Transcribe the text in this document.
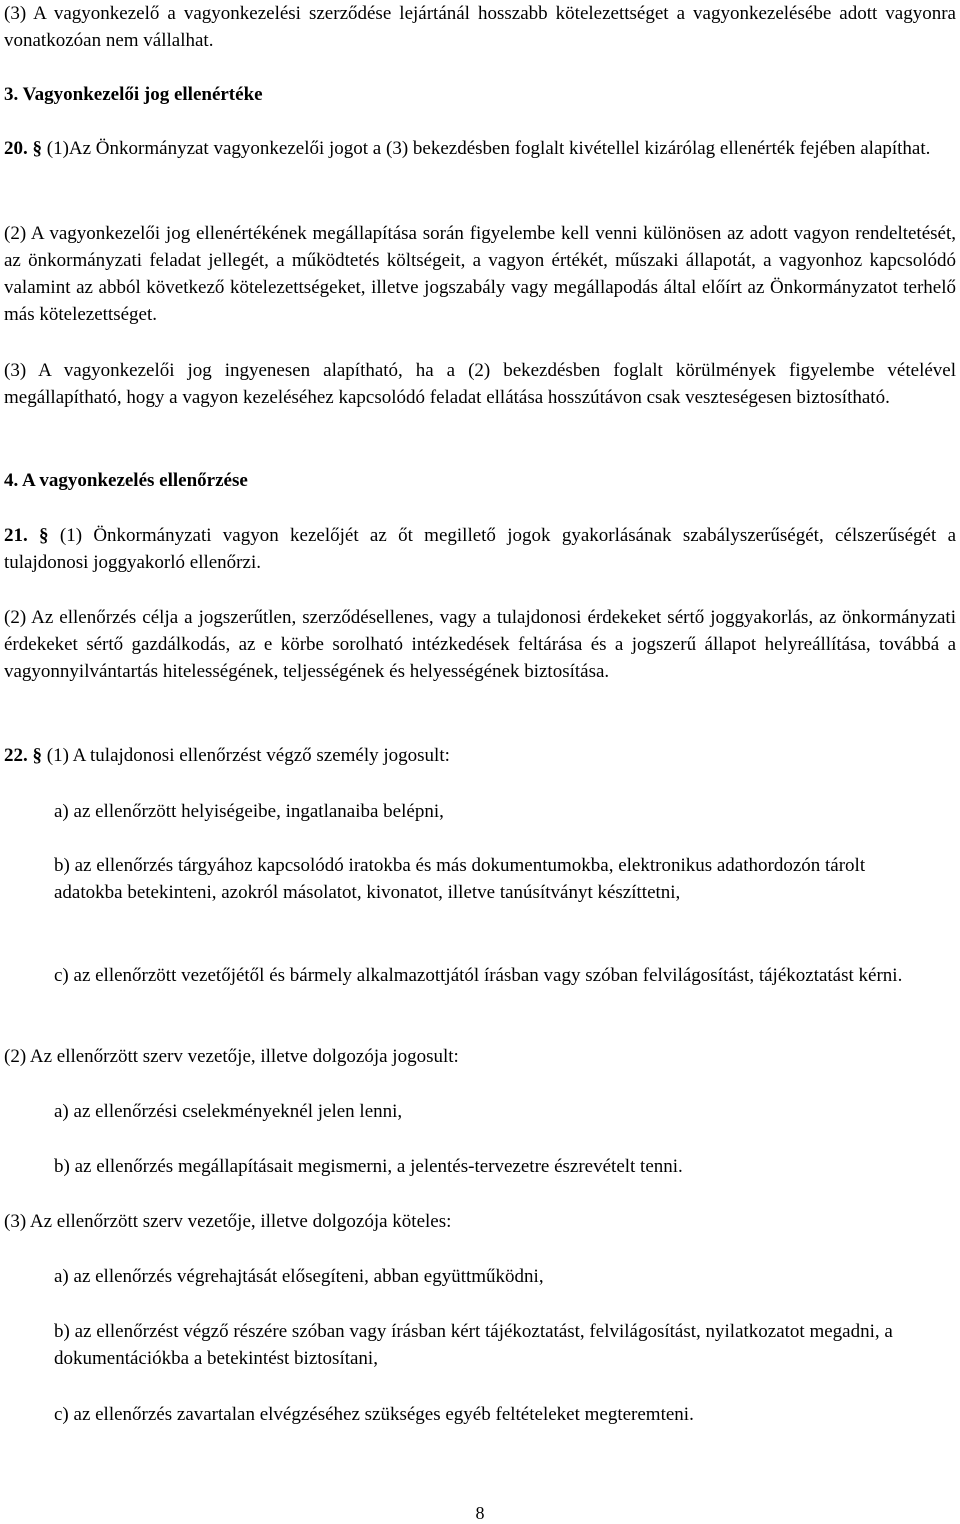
(3) A vagyonkezelő a vagyonkezelési szerződése lejártánál hosszabb kötelezettséget a vagyonkezelésébe adott vagyonra vonatkozóan nem vállalhat.

3. Vagyonkezelői jog ellenértéke

20. § (1)Az Önkormányzat vagyonkezelői jogot a (3) bekezdésben foglalt kivétellel kizárólag ellenérték fejében alapíthat.

(2) A vagyonkezelői jog ellenértékének megállapítása során figyelembe kell venni különösen az adott vagyon rendeltetését, az önkormányzati feladat jellegét, a működtetés költségeit, a vagyon értékét, műszaki állapotát, a vagyonhoz kapcsolódó valamint az abból következő kötelezettségeket, illetve jogszabály vagy megállapodás által előírt az Önkormányzatot terhelő más kötelezettséget.

(3) A vagyonkezelői jog ingyenesen alapítható, ha a (2) bekezdésben foglalt körülmények figyelembe vételével megállapítható, hogy a vagyon kezeléséhez kapcsolódó feladat ellátása hosszútávon csak veszteségesen biztosítható.

4. A vagyonkezelés ellenőrzése

21. § (1) Önkormányzati vagyon kezelőjét az őt megillető jogok gyakorlásának szabályszerűségét, célszerűségét a tulajdonosi joggyakorló ellenőrzi.

(2) Az ellenőrzés célja a jogszerűtlen, szerződésellenes, vagy a tulajdonosi érdekeket sértő joggyakorlás, az önkormányzati érdekeket sértő gazdálkodás, az e körbe sorolható intézkedések feltárása és a jogszerű állapot helyreállítása, továbbá a vagyonnyilvántartás hitelességének, teljességének és helyességének biztosítása.

22. § (1) A tulajdonosi ellenőrzést végző személy jogosult:

a) az ellenőrzött helyiségeibe, ingatlanaiba belépni,

b) az ellenőrzés tárgyához kapcsolódó iratokba és más dokumentumokba, elektronikus adathordozón tárolt adatokba betekinteni, azokról másolatot, kivonatot, illetve tanúsítványt készíttetni,

c) az ellenőrzött vezetőjétől és bármely alkalmazottjától írásban vagy szóban felvilágosítást, tájékoztatást kérni.

(2) Az ellenőrzött szerv vezetője, illetve dolgozója jogosult:

a) az ellenőrzési cselekményeknél jelen lenni,

b) az ellenőrzés megállapításait megismerni, a jelentés-tervezetre észrevételt tenni.

(3) Az ellenőrzött szerv vezetője, illetve dolgozója köteles:

a) az ellenőrzés végrehajtását elősegíteni, abban együttműködni,

b) az ellenőrzést végző részére szóban vagy írásban kért tájékoztatást, felvilágosítást, nyilatkozatot megadni, a dokumentációkba a betekintést biztosítani,

c) az ellenőrzés zavartalan elvégzéséhez szükséges egyéb feltételeket megteremteni.

8
